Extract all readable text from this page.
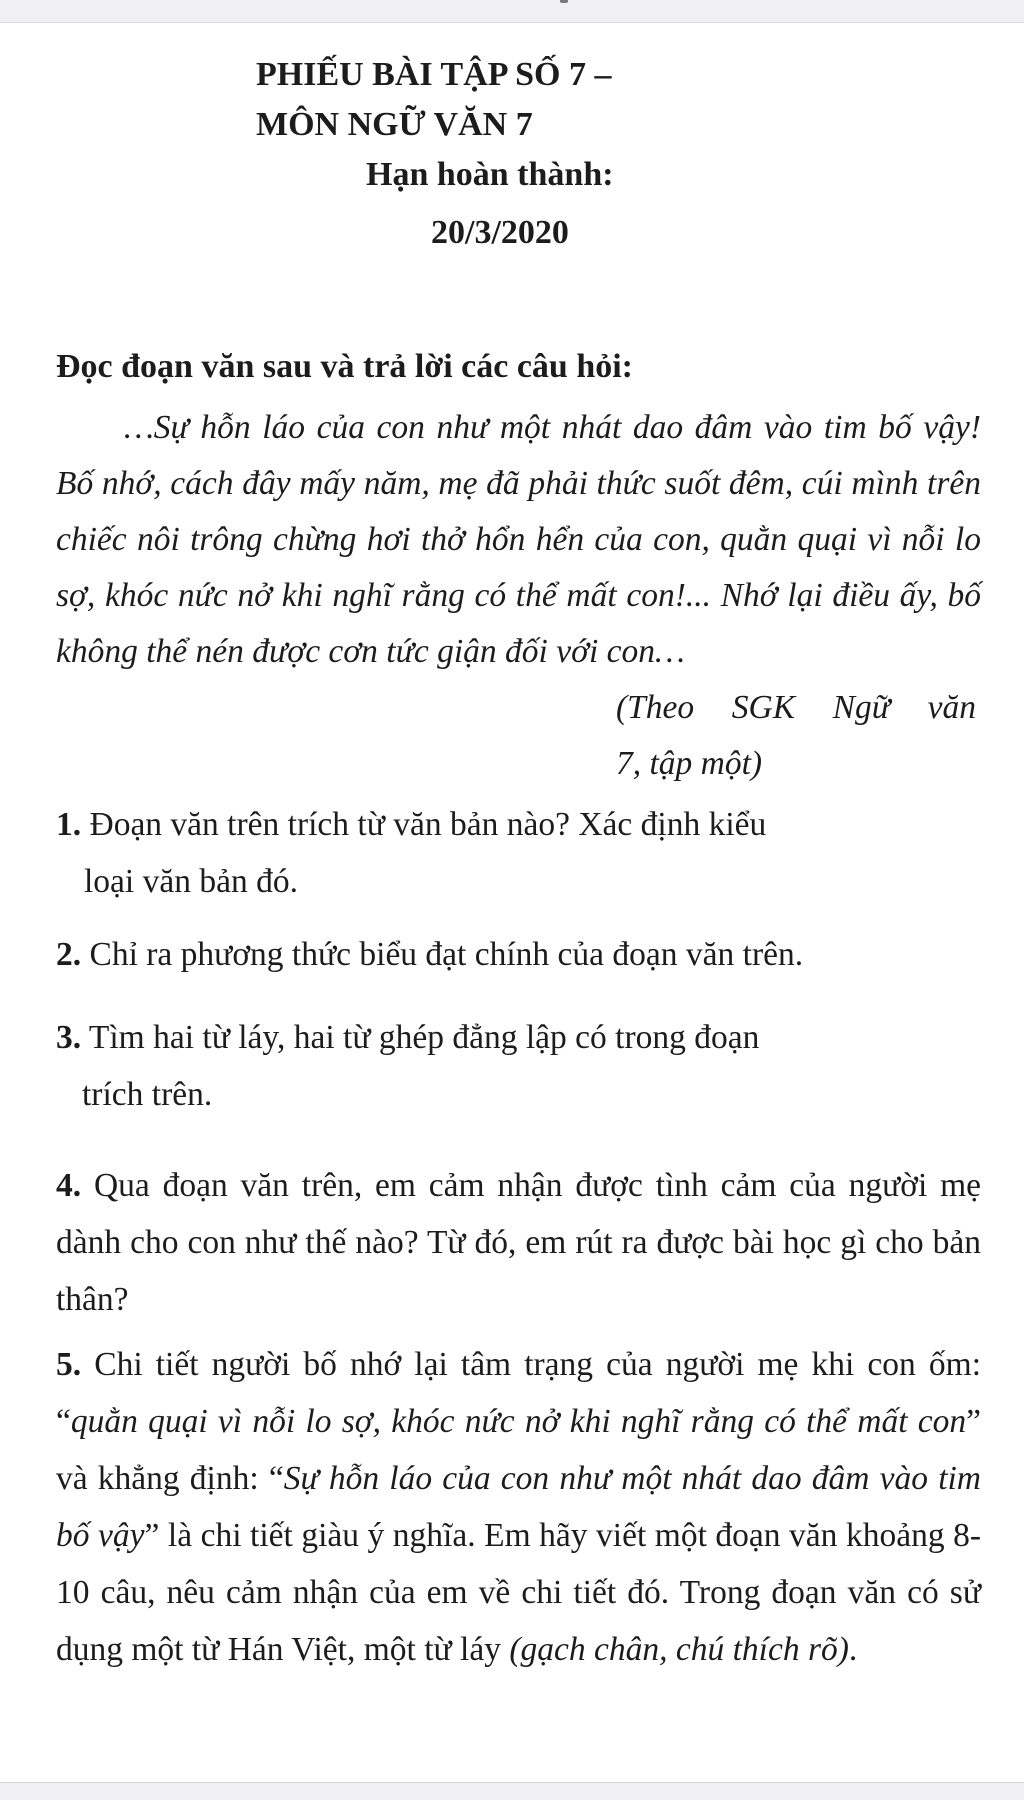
PHIẾU BÀI TẬP SỐ 7 –

MÔN NGỮ VĂN 7

Hạn hoàn thành:

20/3/2020

Đọc đoạn văn sau và trả lời các câu hỏi:

…Sự hỗn láo của con như một nhát dao đâm vào tim bố vậy! Bố nhớ, cách đây mấy năm, mẹ đã phải thức suốt đêm, cúi mình trên chiếc nôi trông chừng hơi thở hổn hển của con, quằn quại vì nỗi lo sợ, khóc nức nở khi nghĩ rằng có thể mất con!... Nhớ lại điều ấy, bố không thể nén được cơn tức giận đối với con…

(Theo SGK Ngữ văn

7, tập một)

1. Đoạn văn trên trích từ văn bản nào? Xác định kiểu
loại văn bản đó.

2. Chỉ ra phương thức biểu đạt chính của đoạn văn trên.

3. Tìm hai từ láy, hai từ ghép đẳng lập có trong đoạn
trích trên.

4. Qua đoạn văn trên, em cảm nhận được tình cảm của người mẹ dành cho con như thế nào? Từ đó, em rút ra được bài học gì cho bản thân?

5. Chi tiết người bố nhớ lại tâm trạng của người mẹ khi con ốm: “quằn quại vì nỗi lo sợ, khóc nức nở khi nghĩ rằng có thể mất con” và khẳng định: “Sự hỗn láo của con như một nhát dao đâm vào tim bố vậy” là chi tiết giàu ý nghĩa. Em hãy viết một đoạn văn khoảng 8-10 câu, nêu cảm nhận của em về chi tiết đó. Trong đoạn văn có sử dụng một từ Hán Việt, một từ láy (gạch chân, chú thích rõ).
